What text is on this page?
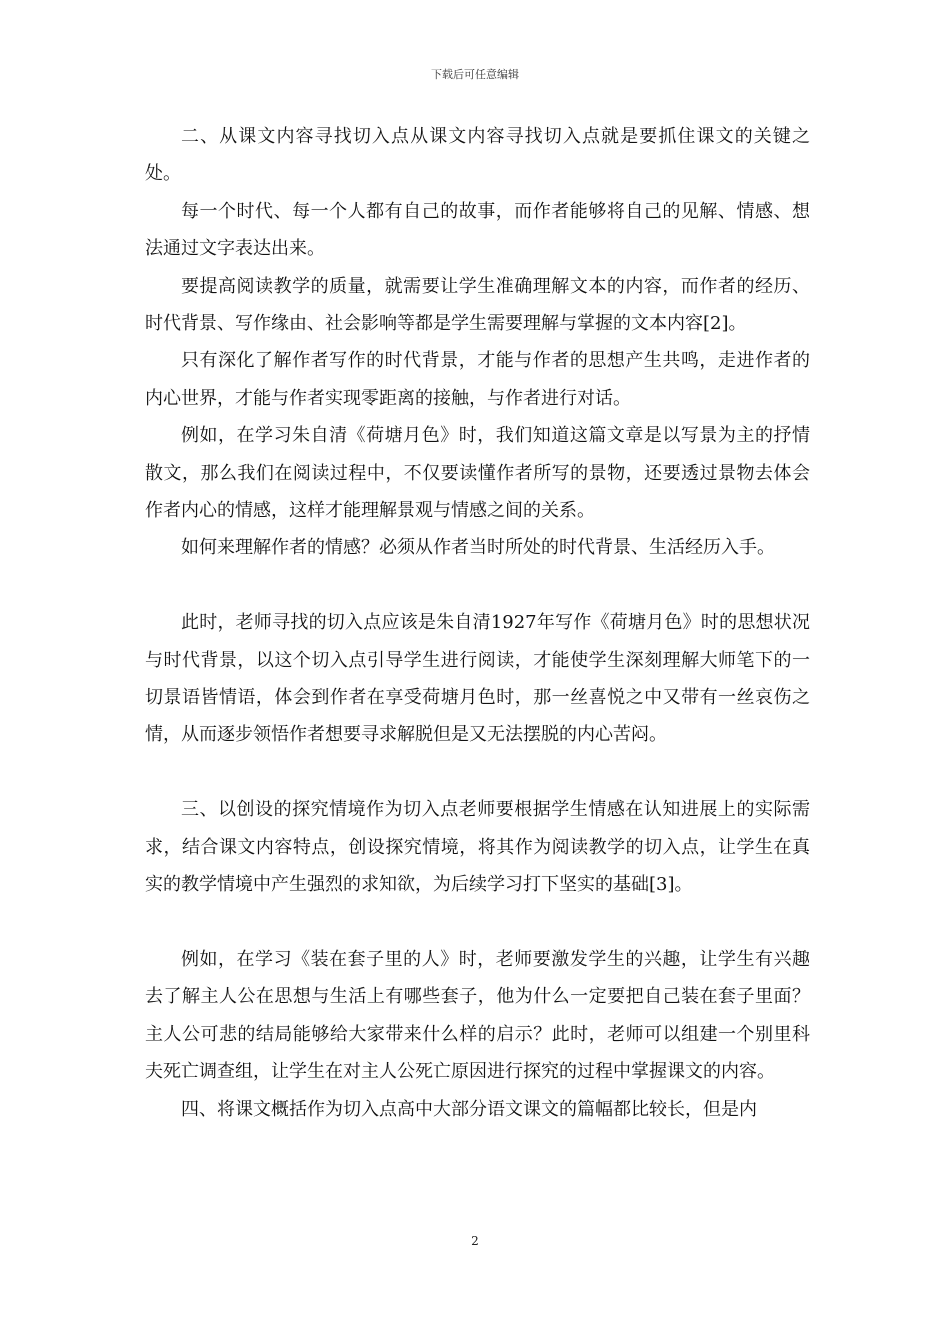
下载后可任意编辑

二、从课文内容寻找切入点从课文内容寻找切入点就是要抓住课文的关键之处。

每一个时代、每一个人都有自己的故事，而作者能够将自己的见解、情感、想法通过文字表达出来。

要提高阅读教学的质量，就需要让学生准确理解文本的内容，而作者的经历、时代背景、写作缘由、社会影响等都是学生需要理解与掌握的文本内容[2]。

只有深化了解作者写作的时代背景，才能与作者的思想产生共鸣，走进作者的内心世界，才能与作者实现零距离的接触，与作者进行对话。

例如，在学习朱自清《荷塘月色》时，我们知道这篇文章是以写景为主的抒情散文，那么我们在阅读过程中，不仅要读懂作者所写的景物，还要透过景物去体会作者内心的情感，这样才能理解景观与情感之间的关系。

如何来理解作者的情感？必须从作者当时所处的时代背景、生活经历入手。

此时，老师寻找的切入点应该是朱自清1927年写作《荷塘月色》时的思想状况与时代背景，以这个切入点引导学生进行阅读，才能使学生深刻理解大师笔下的一切景语皆情语，体会到作者在享受荷塘月色时，那一丝喜悦之中又带有一丝哀伤之情，从而逐步领悟作者想要寻求解脱但是又无法摆脱的内心苦闷。

三、以创设的探究情境作为切入点老师要根据学生情感在认知进展上的实际需求，结合课文内容特点，创设探究情境，将其作为阅读教学的切入点，让学生在真实的教学情境中产生强烈的求知欲，为后续学习打下坚实的基础[3]。

例如，在学习《装在套子里的人》时，老师要激发学生的兴趣，让学生有兴趣去了解主人公在思想与生活上有哪些套子，他为什么一定要把自己装在套子里面？主人公可悲的结局能够给大家带来什么样的启示？此时，老师可以组建一个别里科夫死亡调查组，让学生在对主人公死亡原因进行探究的过程中掌握课文的内容。

四、将课文概括作为切入点高中大部分语文课文的篇幅都比较长，但是内

2
